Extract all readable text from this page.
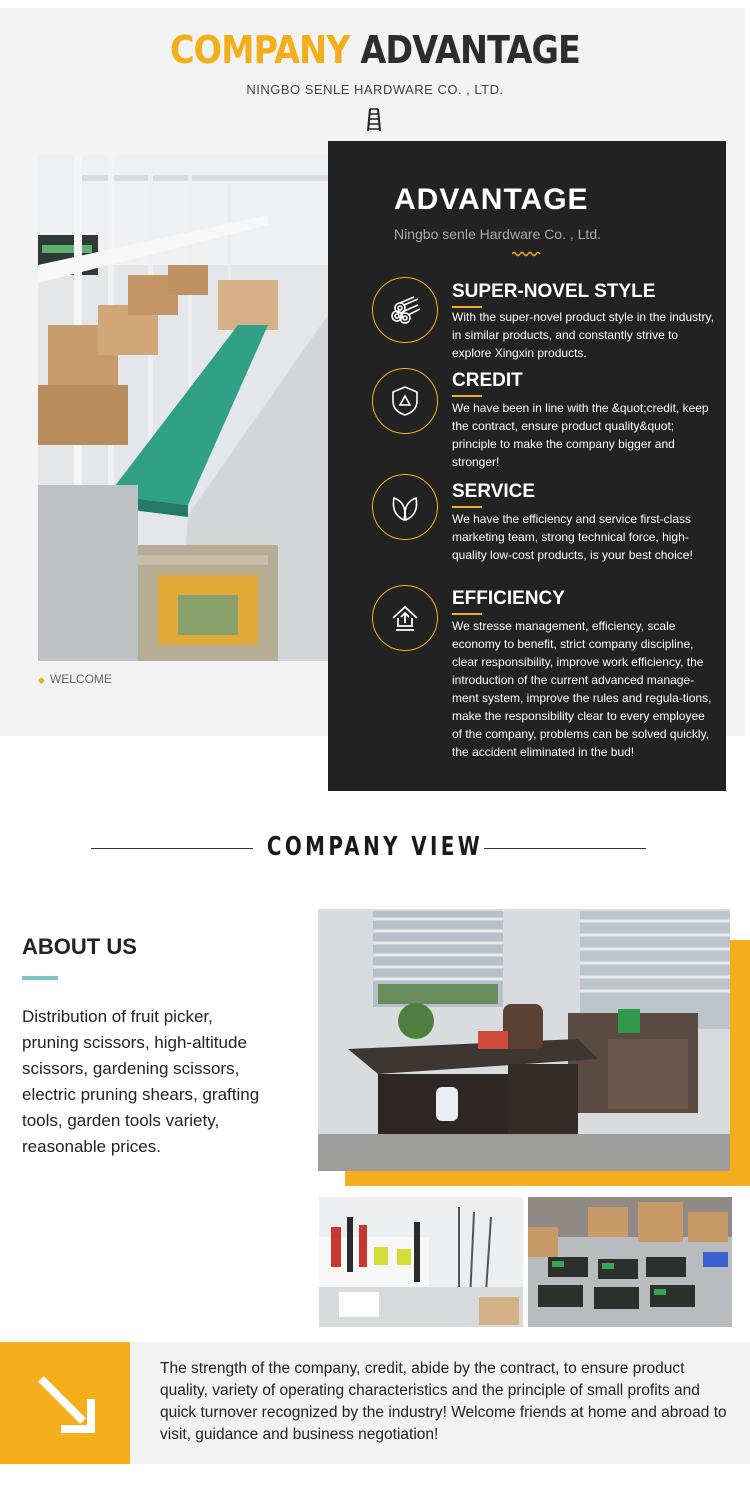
COMPANY ADVANTAGE
NINGBO SENLE HARDWARE CO. , LTD.
◆ WELCOME
ADVANTAGE
Ningbo senle Hardware Co. , Ltd.
SUPER-NOVEL STYLE
With the super-novel product style in the industry, in similar products, and constantly strive to explore Xingxin products.
CREDIT
We have been in line with the &quot;credit, keep the contract, ensure product quality&quot; principle to make the company bigger and stronger!
SERVICE
We have the efficiency and service first-class marketing team, strong technical force, high-quality low-cost products, is your best choice!
EFFICIENCY
We stresse management, efficiency, scale economy to benefit, strict company discipline, clear responsibility, improve work efficiency, the introduction of the current advanced manage-ment system, improve the rules and regula-tions, make the responsibility clear to every employee of the company, problems can be solved quickly, the accident eliminated in the bud!
COMPANY VIEW
ABOUT US
Distribution of fruit picker, pruning scissors, high-altitude scissors, gardening scissors, electric pruning shears, grafting tools, garden tools variety, reasonable prices.
The strength of the company, credit, abide by the contract, to ensure product quality, variety of operating characteristics and the principle of small profits and quick turnover recognized by the industry! Welcome friends at home and abroad to visit, guidance and business negotiation!
